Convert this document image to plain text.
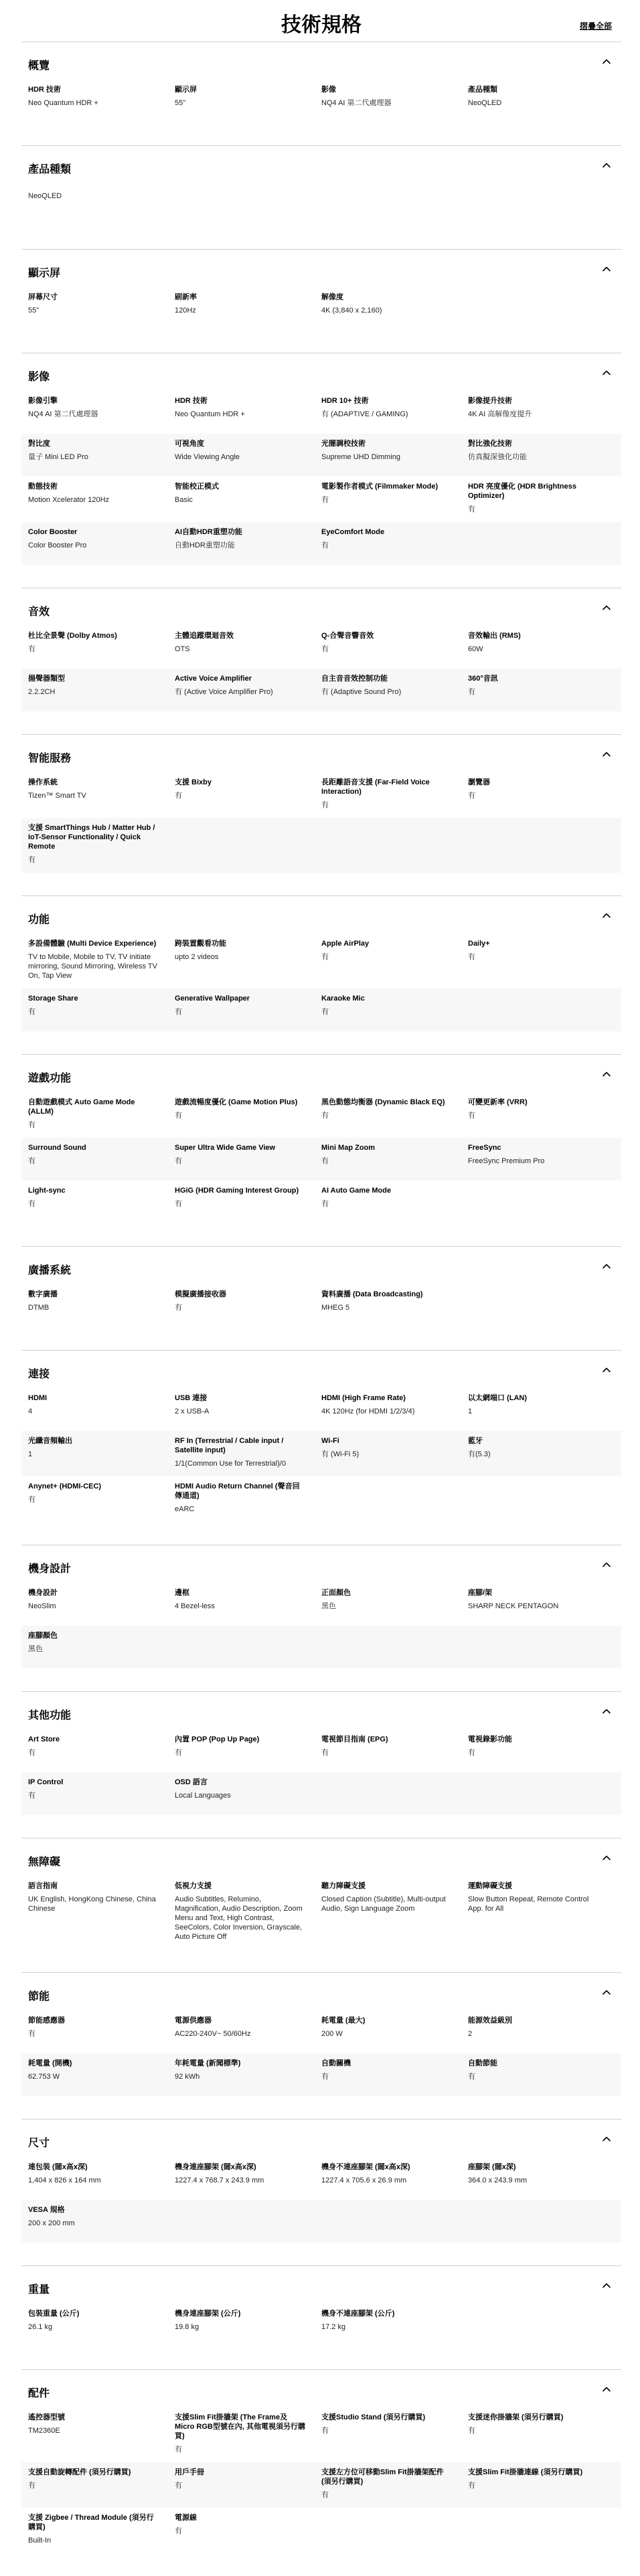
技術規格	摺疊全部
概覽
HDR 技術
Neo Quantum HDR +
顯示屏
55"
影像
NQ4 AI 第二代處理器
產品種類
NeoQLED
產品種類
NeoQLED
顯示屏
屏幕尺寸
55"
刷新率
120Hz
解像度
4K (3,840 x 2,160)
影像
影像引擎
NQ4 AI 第二代處理器
HDR 技術
Neo Quantum HDR +
HDR 10+ 技術
有 (ADAPTIVE / GAMING)
影像提升技術
4K AI 高解像度提升
對比度
量子 Mini LED Pro
可視角度
Wide Viewing Angle
光闇調校技術
Supreme UHD Dimming
對比強化技術
仿真擬深強化功能
動態技術
Motion Xcelerator 120Hz
智能校正模式
Basic
電影製作者模式 (Filmmaker Mode)
有
HDR 亮度優化 (HDR Brightness Optimizer)
有
Color Booster
Color Booster Pro
AI自動HDR重塑功能
自動HDR重塑功能
EyeComfort Mode
有
音效
杜比全景聲 (Dolby Atmos)
有
主體追蹤環迴音效
OTS
Q-合聲音響音效
有
音效輸出 (RMS)
60W
揚聲器類型
2.2.2CH
Active Voice Amplifier
有 (Active Voice Amplifier Pro)
自主音音效控制功能
有 (Adaptive Sound Pro)
360°音訊
有
智能服務
操作系統
Tizen™ Smart TV
支援 Bixby
有
長距離語音支援 (Far-Field Voice Interaction)
有
瀏覽器
有
支援 SmartThings Hub / Matter Hub / IoT-Sensor Functionality / Quick Remote
有
功能
多設備體驗 (Multi Device Experience)
TV to Mobile, Mobile to TV, TV initiate mirroring, Sound Mirroring, Wireless TV On, Tap View
跨裝置觀看功能
upto 2 videos
Apple AirPlay
有
Daily+
有
Storage Share
有
Generative Wallpaper
有
Karaoke Mic
有
遊戲功能
自動遊戲模式 Auto Game Mode (ALLM)
有
遊戲流暢度優化 (Game Motion Plus)
有
黑色動態均衡器 (Dynamic Black EQ)
有
可變更新率 (VRR)
有
Surround Sound
有
Super Ultra Wide Game View
有
Mini Map Zoom
有
FreeSync
FreeSync Premium Pro
Light-sync
有
HGiG (HDR Gaming Interest Group)
有
AI Auto Game Mode
有
廣播系統
數字廣播
DTMB
模擬廣播接收器
有
資料廣播 (Data Broadcasting)
MHEG 5
連接
HDMI
4
USB 連接
2 x USB-A
HDMI (High Frame Rate)
4K 120Hz (for HDMI 1/2/3/4)
以太網端口 (LAN)
1
光纖音頻輸出
1
RF In (Terrestrial / Cable input / Satellite input)
1/1(Common Use for Terrestrial)/0
Wi-Fi
有 (Wi-Fi 5)
藍牙
有(5.3)
Anynet+ (HDMI-CEC)
有
HDMI Audio Return Channel (聲音回傳通道)
eARC
機身設計
機身設計
NeoSlim
邊框
4 Bezel-less
正面顏色
黑色
座腳/架
SHARP NECK PENTAGON
座腳顏色
黑色
其他功能
Art Store
有
內置 POP (Pop Up Page)
有
電視節目指南 (EPG)
有
電視錄影功能
有
IP Control
有
OSD 語言
Local Languages
無障礙
語言指南
UK English, HongKong Chinese, China Chinese
低視力支援
Audio Subtitles, Relumino, Magnification, Audio Description, Zoom Menu and Text, High Contrast, SeeColors, Color Inversion, Grayscale, Auto Picture Off
聽力障礙支援
Closed Caption (Subtitle), Multi-output Audio, Sign Language Zoom
運動障礙支援
Slow Button Repeat, Remote Control App. for All
節能
節能感應器
有
電源供應器
AC220-240V~ 50/60Hz
耗電量 (最大)
200 W
能源效益級別
2
耗電量 (開機)
62.753 W
年耗電量 (新聞標準)
92 kWh
自動關機
有
自動節能
有
尺寸
連包裝 (闊x高x深)
1,404 x 826 x 164 mm
機身連座腳架 (闊x高x深)
1227.4 x 768.7 x 243.9 mm
機身不連座腳架 (闊x高x深)
1227.4 x 705.6 x 26.9 mm
座腳架 (闊x深)
364.0 x 243.9 mm
VESA 規格
200 x 200 mm
重量
包裝重量 (公斤)
26.1 kg
機身連座腳架 (公斤)
19.8 kg
機身不連座腳架 (公斤)
17.2 kg
配件
遙控器型號
TM2360E
支援Slim Fit掛牆架 (The Frame及Micro RGB型號在內, 其他電視須另行購買)
有
支援Studio Stand (須另行購買)
有
支援迷你掛牆架 (須另行購買)
有
支援自動旋轉配件 (須另行購買)
有
用戶手冊
有
支援左方位可移動Slim Fit掛牆架配件 (須另行購買)
有
支援Slim Fit掛牆連線 (須另行購買)
有
支援 Zigbee / Thread Module (須另行購買)
Built-In
電源線
有
